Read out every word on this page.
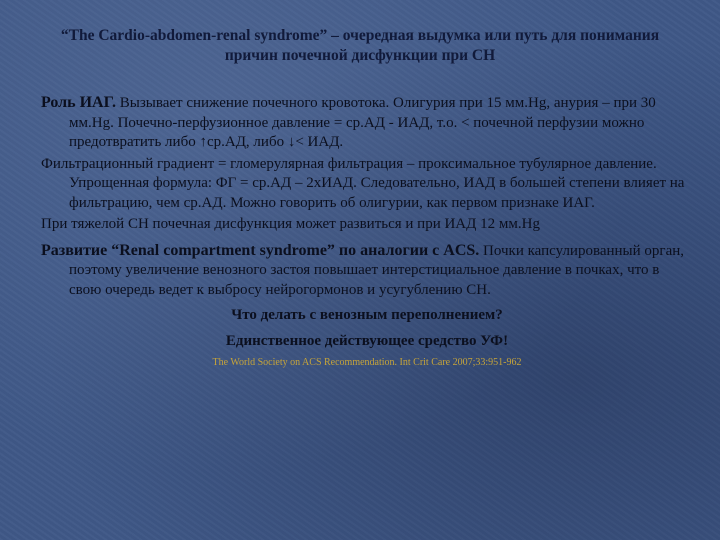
“The Cardio-abdomen-renal syndrome” – очередная выдумка или путь для понимания причин почечной дисфункции при СН

Роль ИАГ. Вызывает снижение почечного кровотока. Олигурия при 15 мм.Hg, анурия – при 30 мм.Hg. Почечно-перфузионное давление = ср.АД - ИАД, т.о. < почечной перфузии можно предотвратить либо ↑ср.АД, либо ↓< ИАД.

Фильтрационный градиент = гломерулярная фильтрация – проксимальное тубулярное давление. Упрощенная формула: ФГ = ср.АД – 2хИАД. Следовательно, ИАД в большей степени влияет на фильтрацию, чем ср.АД. Можно говорить об олигурии, как первом признаке ИАГ.

При тяжелой СН почечная дисфункция может развиться и при ИАД 12 мм.Hg

Развитие “Renal compartment syndrome” по аналогии с ACS. Почки капсулированный орган, поэтому увеличение венозного застоя повышает интерстициальное давление в почках, что в свою очередь ведет к выбросу нейрогормонов и усугублению СН.

Что делать с венозным переполнением?

Единственное действующее средство УФ!

The World Society on ACS Recommendation. Int Crit Care 2007;33:951-962
